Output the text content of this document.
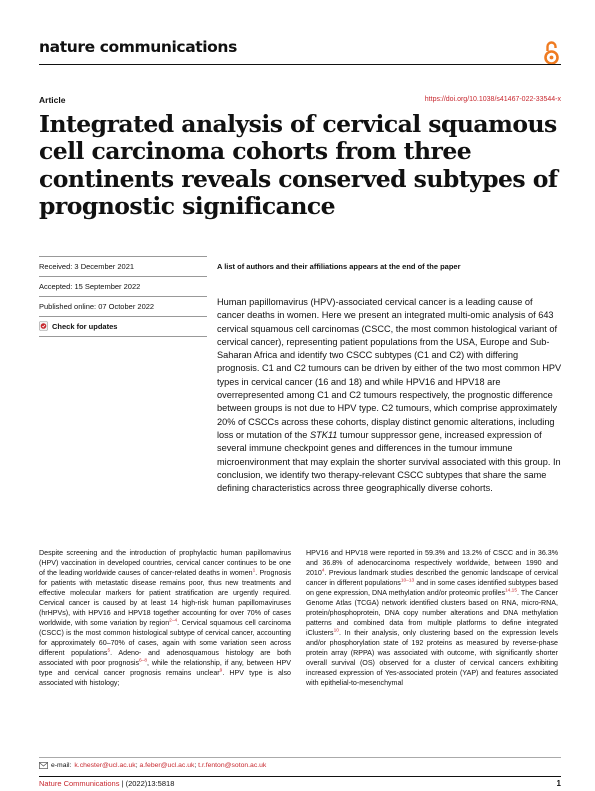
nature communications
Article	https://doi.org/10.1038/s41467-022-33544-x
Integrated analysis of cervical squamous cell carcinoma cohorts from three continents reveals conserved subtypes of prognostic significance
Received: 3 December 2021
Accepted: 15 September 2022
Published online: 07 October 2022
Check for updates
A list of authors and their affiliations appears at the end of the paper

Human papillomavirus (HPV)-associated cervical cancer is a leading cause of cancer deaths in women. Here we present an integrated multi-omic analysis of 643 cervical squamous cell carcinomas (CSCC, the most common histological variant of cervical cancer), representing patient populations from the USA, Europe and Sub-Saharan Africa and identify two CSCC subtypes (C1 and C2) with differing prognosis. C1 and C2 tumours can be driven by either of the two most common HPV types in cervical cancer (16 and 18) and while HPV16 and HPV18 are overrepresented among C1 and C2 tumours respectively, the prognostic difference between groups is not due to HPV type. C2 tumours, which comprise approximately 20% of CSCCs across these cohorts, display distinct genomic alterations, including loss or mutation of the STK11 tumour suppressor gene, increased expression of several immune checkpoint genes and differences in the tumour immune microenvironment that may explain the shorter survival associated with this group. In conclusion, we identify two therapy-relevant CSCC subtypes that share the same defining characteristics across three geographically diverse cohorts.

Despite screening and the introduction of prophylactic human papillomavirus (HPV) vaccination in developed countries, cervical cancer continues to be one of the leading worldwide causes of cancer-related deaths in women$^1$. Prognosis for patients with metastatic disease remains poor, thus new treatments and effective molecular markers for patient stratification are urgently required. Cervical cancer is caused by at least 14 high-risk human papillomaviruses (hrHPVs), with HPV16 and HPV18 together accounting for over 70% of cases worldwide, with some variation by region$^{2-4}$. Cervical squamous cell carcinoma (CSCC) is the most common histological subtype of cervical cancer, accounting for approximately 60–70% of cases, again with some variation seen across different populations$^5$. Adeno- and adenosquamous histology are both associated with poor prognosis$^{6-8}$, while the relationship, if any, between HPV type and cervical cancer prognosis remains unclear$^9$. HPV type is also associated with histology;

HPV16 and HPV18 were reported in 59.3% and 13.2% of CSCC and in 36.3% and 36.8% of adenocarcinoma respectively worldwide, between 1990 and 2010$^4$. Previous landmark studies described the genomic landscape of cervical cancer in different populations$^{10-13}$ and in some cases identified subtypes based on gene expression, DNA methylation and/or proteomic profiles$^{14,15}$. The Cancer Genome Atlas (TCGA) network identified clusters based on RNA, micro-RNA, protein/phosphoprotein, DNA copy number alterations and DNA methylation patterns and combined data from multiple platforms to define integrated iClusters$^{10}$. In their analysis, only clustering based on the expression levels and/or phosphorylation state of 192 proteins as measured by reverse-phase protein array (RPPA) was associated with outcome, with significantly shorter overall survival (OS) observed for a cluster of cervical cancers exhibiting increased expression of Yes-associated protein (YAP) and features associated with epithelial-to-mesenchymal

e-mail: k.chester@ucl.ac.uk; a.feber@ucl.ac.uk; t.r.fenton@soton.ac.uk
Nature Communications | (2022)13:5818	1
